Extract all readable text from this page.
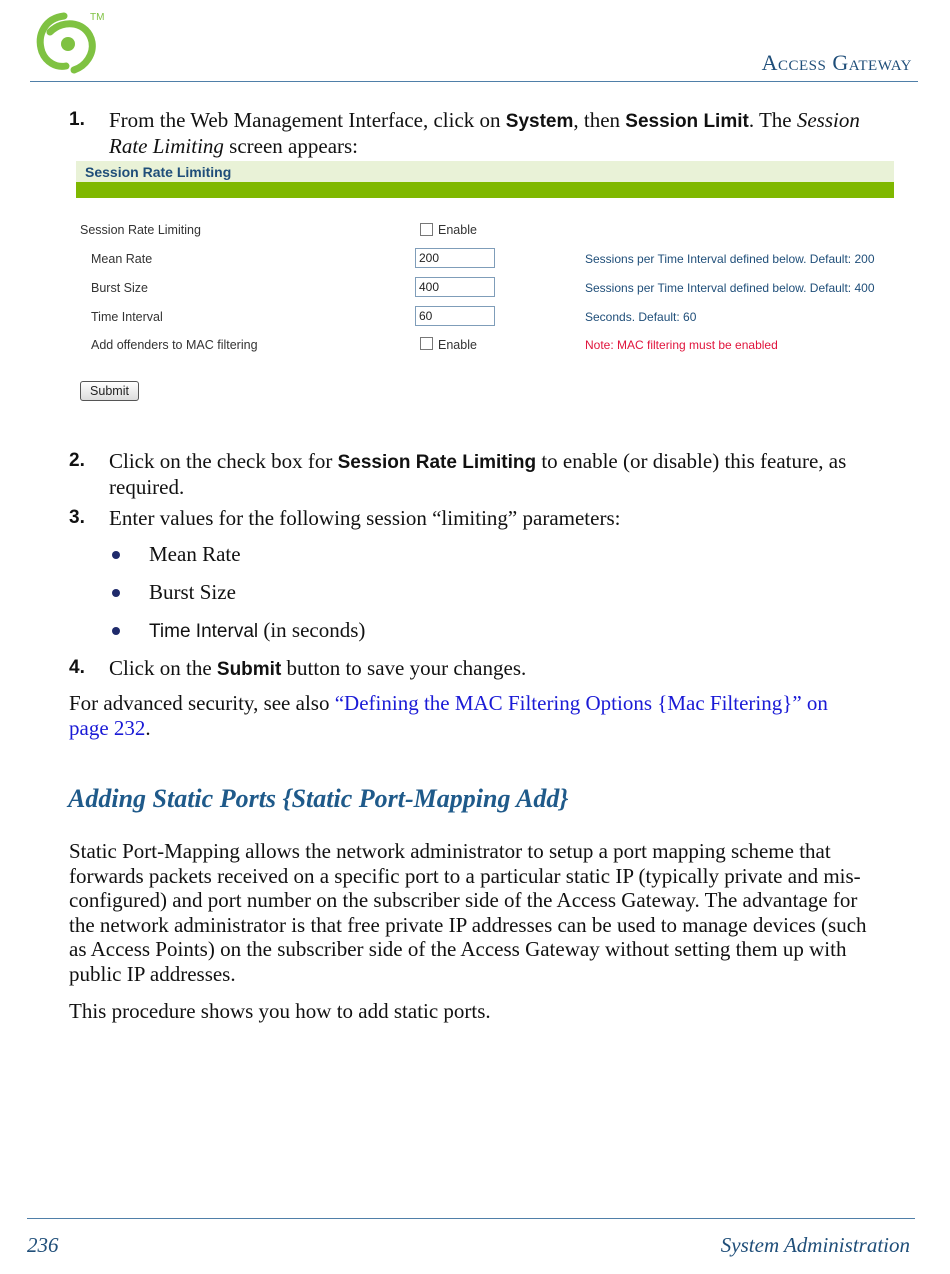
TM
Access Gateway
1. From the Web Management Interface, click on System, then Session Limit. The Session
Rate Limiting screen appears:
Session Rate Limiting
Session Rate Limiting	Enable
Mean Rate	200	Sessions per Time Interval defined below. Default: 200
Burst Size	400	Sessions per Time Interval defined below. Default: 400
Time Interval	60	Seconds. Default: 60
Add offenders to MAC filtering	Enable	Note: MAC filtering must be enabled
Submit
2. Click on the check box for Session Rate Limiting to enable (or disable) this feature, as
required.
3. Enter values for the following session “limiting” parameters:
Mean Rate
Burst Size
Time Interval (in seconds)
4. Click on the Submit button to save your changes.
For advanced security, see also “Defining the MAC Filtering Options {Mac Filtering}” on
page 232.
Adding Static Ports {Static Port-Mapping Add}
Static Port-Mapping allows the network administrator to setup a port mapping scheme that
forwards packets received on a specific port to a particular static IP (typically private and mis-
configured) and port number on the subscriber side of the Access Gateway. The advantage for
the network administrator is that free private IP addresses can be used to manage devices (such
as Access Points) on the subscriber side of the Access Gateway without setting them up with
public IP addresses.
This procedure shows you how to add static ports.
236	System Administration
